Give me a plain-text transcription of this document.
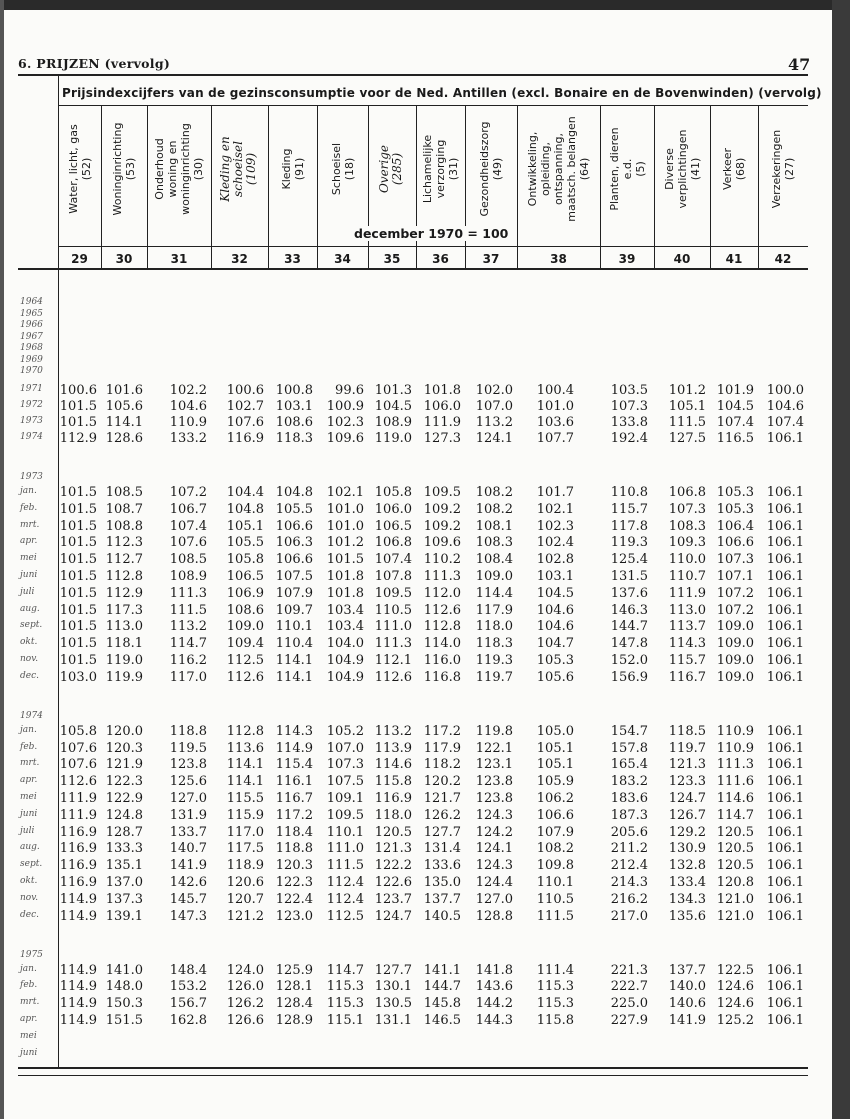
6. PRIJZEN (vervolg)	47
Prijsindexcijfers van de gezinsconsumptie voor de Ned. Antillen (excl. Bonaire en de Bovenwinden) (vervolg)
Water, licht, gas (52) Woninginrichting (53) Onderhoud woning en woninginrichting (30) Kleding en schoeisel (109) Kleding (91) Schoeisel (18) Overige (285) Lichamelijke verzorging (31) Gezondheidszorg (49) Ontwikkeling, opleiding, ontspanning, maatsch. belangen (64) Planten, dieren e.d. (5) Diverse verplichtingen (41) Verkeer (68) Verzekeringen (27)
december 1970 = 100
29	30	31	32	33	34	35	36	37	38	39	40	41	42
1964
1965
1966
1967
1968
1969
1970
1971	100.6 101.6	102.2	100.6 100.8	99.6 101.3 101.8	102.0	100.4	103.5	101.2 101.9 100.0
1972	101.5 105.6	104.6	102.7 103.1	100.9 104.5 106.0	107.0	101.0	107.3	105.1 104.5 104.6
1973	101.5 114.1	110.9	107.6 108.6	102.3 108.9 111.9	113.2	103.6	133.8	111.5 107.4 107.4
1974	112.9 128.6	133.2	116.9 118.3	109.6 119.0 127.3	124.1	107.7	192.4	127.5 116.5 106.1
1973
jan.	101.5 108.5	107.2	104.4 104.8	102.1 105.8 109.5	108.2	101.7	110.8	106.8 105.3 106.1
feb.	101.5 108.7	106.7	104.8 105.5	101.0 106.0 109.2	108.2	102.1	115.7	107.3 105.3 106.1
mrt.	101.5 108.8	107.4	105.1 106.6	101.0 106.5 109.2	108.1	102.3	117.8	108.3 106.4 106.1
apr.	101.5 112.3	107.6	105.5 106.3	101.2 106.8 109.6	108.3	102.4	119.3	109.3 106.6 106.1
mei	101.5 112.7	108.5	105.8 106.6	101.5 107.4 110.2	108.4	102.8	125.4	110.0 107.3 106.1
juni	101.5 112.8	108.9	106.5 107.5	101.8 107.8 111.3	109.0	103.1	131.5	110.7 107.1 106.1
juli	101.5 112.9	111.3	106.9 107.9	101.8 109.5 112.0	114.4	104.5	137.6	111.9 107.2 106.1
aug.	101.5 117.3	111.5	108.6 109.7	103.4 110.5 112.6	117.9	104.6	146.3	113.0 107.2 106.1
sept.	101.5 113.0	113.2	109.0 110.1	103.4 111.0 112.8	118.0	104.6	144.7	113.7 109.0 106.1
okt.	101.5 118.1	114.7	109.4 110.4	104.0 111.3 114.0	118.3	104.7	147.8	114.3 109.0 106.1
nov.	101.5 119.0	116.2	112.5 114.1	104.9 112.1 116.0	119.3	105.3	152.0	115.7 109.0 106.1
dec.	103.0 119.9	117.0	112.6 114.1	104.9 112.6 116.8	119.7	105.6	156.9	116.7 109.0 106.1
1974
jan.	105.8 120.0	118.8	112.8 114.3	105.2 113.2 117.2	119.8	105.0	154.7	118.5 110.9 106.1
feb.	107.6 120.3	119.5	113.6 114.9	107.0 113.9 117.9	122.1	105.1	157.8	119.7 110.9 106.1
mrt.	107.6 121.9	123.8	114.1 115.4	107.3 114.6 118.2	123.1	105.1	165.4	121.3 111.3 106.1
apr.	112.6 122.3	125.6	114.1 116.1	107.5 115.8 120.2	123.8	105.9	183.2	123.3 111.6 106.1
mei	111.9 122.9	127.0	115.5 116.7	109.1 116.9 121.7	123.8	106.2	183.6	124.7 114.6 106.1
juni	111.9 124.8	131.9	115.9 117.2	109.5 118.0 126.2	124.3	106.6	187.3	126.7 114.7 106.1
juli	116.9 128.7	133.7	117.0 118.4	110.1 120.5 127.7	124.2	107.9	205.6	129.2 120.5 106.1
aug.	116.9 133.3	140.7	117.5 118.8	111.0 121.3 131.4	124.1	108.2	211.2	130.9 120.5 106.1
sept.	116.9 135.1	141.9	118.9 120.3	111.5 122.2 133.6	124.3	109.8	212.4	132.8 120.5 106.1
okt.	116.9 137.0	142.6	120.6 122.3	112.4 122.6 135.0	124.4	110.1	214.3	133.4 120.8 106.1
nov.	114.9 137.3	145.7	120.7 122.4	112.4 123.7 137.7	127.0	110.5	216.2	134.3 121.0 106.1
dec.	114.9 139.1	147.3	121.2 123.0	112.5 124.7 140.5	128.8	111.5	217.0	135.6 121.0 106.1
1975
jan.	114.9 141.0	148.4	124.0 125.9	114.7 127.7 141.1	141.8	111.4	221.3	137.7 122.5 106.1
feb.	114.9 148.0	153.2	126.0 128.1	115.3 130.1 144.7	143.6	115.3	222.7	140.0 124.6 106.1
mrt.	114.9 150.3	156.7	126.2 128.4	115.3 130.5 145.8	144.2	115.3	225.0	140.6 124.6 106.1
apr.	114.9 151.5	162.8	126.6 128.9	115.1 131.1 146.5	144.3	115.8	227.9	141.9 125.2 106.1
mei
juni
